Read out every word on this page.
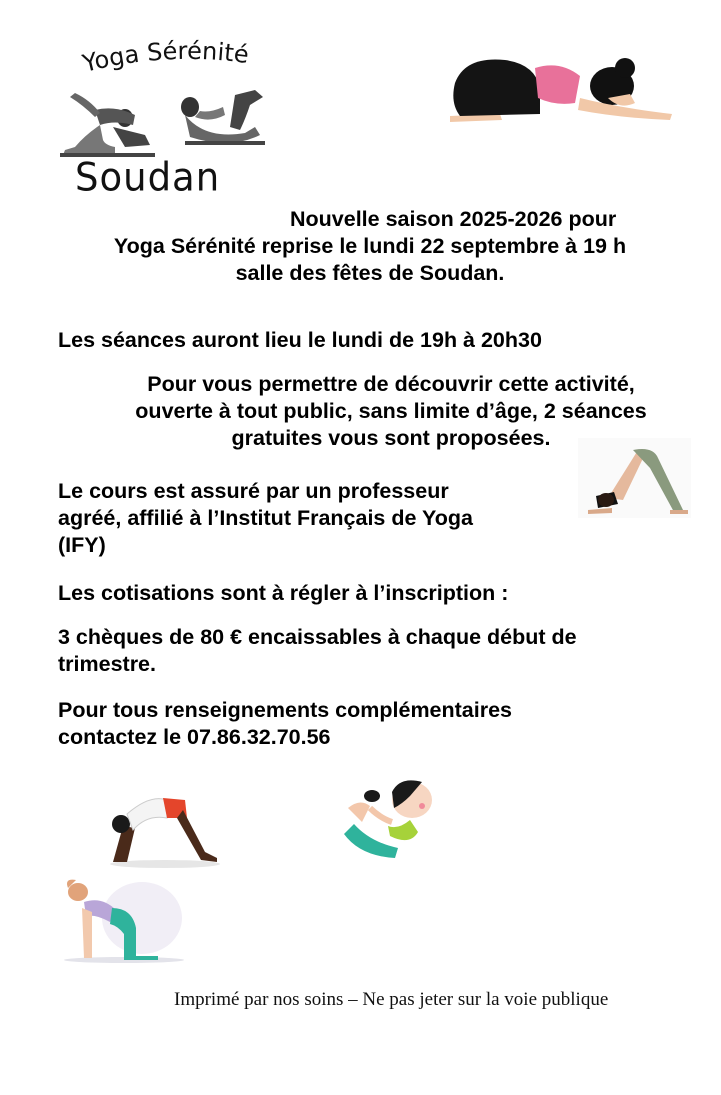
Yoga Sérénité
Soudan
Nouvelle saison 2025-2026 pour
Yoga Sérénité reprise le lundi 22 septembre à 19 h
salle des fêtes de Soudan.
Les séances auront lieu le lundi de 19h à 20h30
Pour vous permettre de découvrir cette activité,
ouverte à tout public, sans limite d’âge, 2 séances
gratuites vous sont proposées.
Le cours est assuré par un professeur
agréé, affilié à l’Institut Français de Yoga
(IFY)
Les cotisations sont à régler à l’inscription :
3 chèques de 80 € encaissables à chaque début de
trimestre.
Pour tous renseignements complémentaires
contactez le 07.86.32.70.56
Imprimé par nos soins – Ne pas jeter sur la voie publique
